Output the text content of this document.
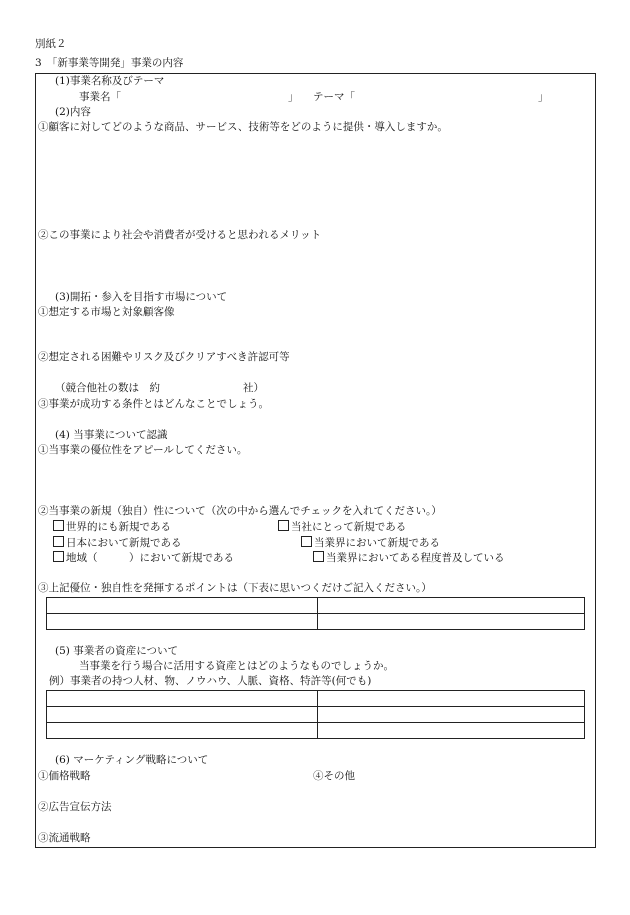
別紙２
3　「新事業等開発」事業の内容
(1)事業名称及びテーマ
事業名「	」 テーマ「	」
(2)内容
①顧客に対してどのような商品、サービス、技術等をどのように提供・導入しますか。
②この事業により社会や消費者が受けると思われるメリット
(3)開拓・参入を目指す市場について
①想定する市場と対象顧客像
②想定される困難やリスク及びクリアすべき許認可等
（競合他社の数は　約	社）
③事業が成功する条件とはどんなことでしょう。
(4) 当事業について認識
①当事業の優位性をアピールしてください。
②当事業の新規（独自）性について（次の中から選んでチェックを入れてください。）
世界的にも新規である	当社にとって新規である
日本において新規である	当業界において新規である
地域（　　　）において新規である	当業界においてある程度普及している
③上記優位・独自性を発揮するポイントは（下表に思いつくだけご記入ください。）

(5) 事業者の資産について
当事業を行う場合に活用する資産とはどのようなものでしょうか。
例）事業者の持つ人材、物、ノウハウ、人脈、資格、特許等(何でも)

(6) マーケティング戦略について
①価格戦略	④その他
②広告宣伝方法
③流通戦略
